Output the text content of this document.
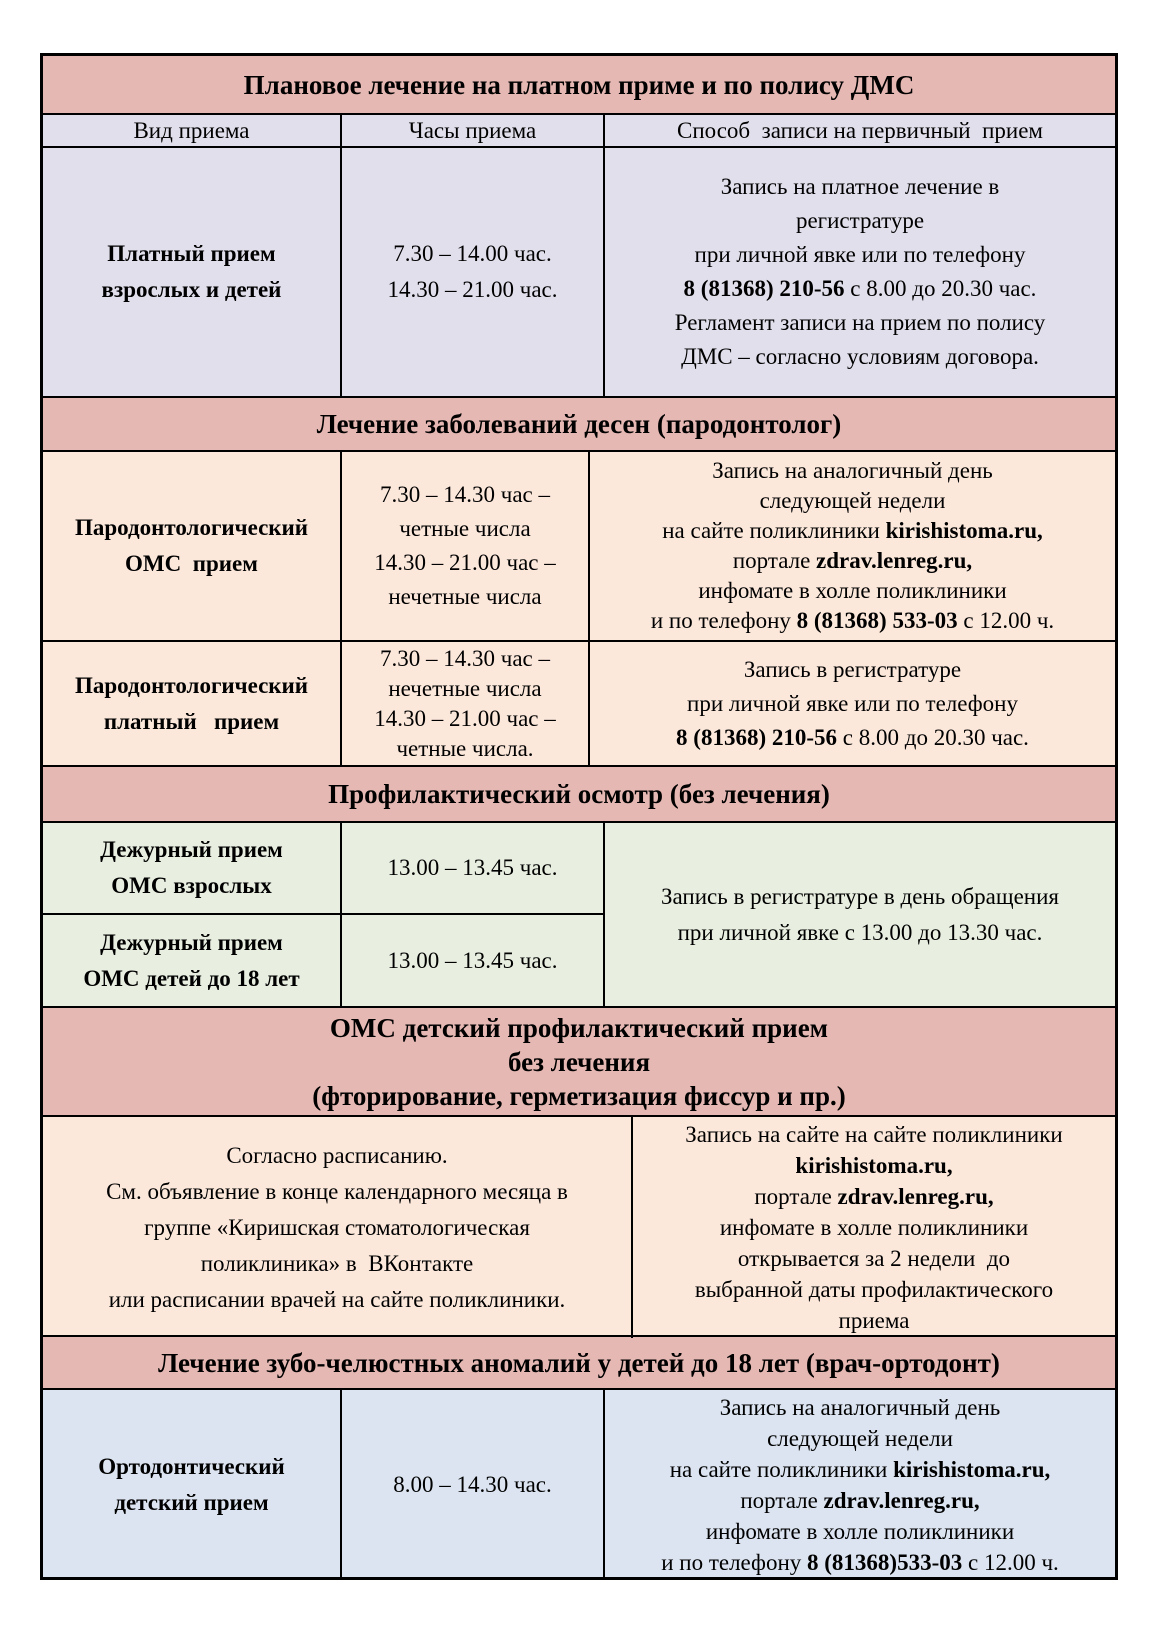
Плановое лечение на платном приме и по полису ДМС
Вид приема	Часы приема	Способ  записи на первичный  прием
Платный прием
взрослых и детей
7.30 – 14.00 час.
14.30 – 21.00 час.
Запись на платное лечение в
регистратуре
при личной явке или по телефону
8 (81368) 210-56 с 8.00 до 20.30 час.
Регламент записи на прием по полису
ДМС – согласно условиям договора.
Лечение заболеваний десен (пародонтолог)
Пародонтологический
ОМС  прием
7.30 – 14.30 час –
четные числа
14.30 – 21.00 час –
нечетные числа
Запись на аналогичный день
следующей недели
на сайте поликлиники kirishistoma.ru,
портале zdrav.lenreg.ru,
инфомате в холле поликлиники
и по телефону 8 (81368) 533-03 с 12.00 ч.
Пародонтологический
платный   прием
7.30 – 14.30 час –
нечетные числа
14.30 – 21.00 час –
четные числа.
Запись в регистратуре
при личной явке или по телефону
8 (81368) 210-56 с 8.00 до 20.30 час.
Профилактический осмотр (без лечения)
Дежурный прием
ОМС взрослых
13.00 – 13.45 час.
Запись в регистратуре в день обращения
при личной явке с 13.00 до 13.30 час.
Дежурный прием
ОМС детей до 18 лет
13.00 – 13.45 час.
ОМС детский профилактический прием
без лечения
(фторирование, герметизация фиссур и пр.)
Согласно расписанию.
См. объявление в конце календарного месяца в
группе «Киришская стоматологическая
поликлиника» в  ВКонтакте
или расписании врачей на сайте поликлиники.
Запись на сайте на сайте поликлиники
kirishistoma.ru,
портале zdrav.lenreg.ru,
инфомате в холле поликлиники
открывается за 2 недели  до
выбранной даты профилактического
приема
Лечение зубо-челюстных аномалий у детей до 18 лет (врач-ортодонт)
Ортодонтический
детский прием
8.00 – 14.30 час.
Запись на аналогичный день
следующей недели
на сайте поликлиники kirishistoma.ru,
портале zdrav.lenreg.ru,
инфомате в холле поликлиники
и по телефону 8 (81368)533-03 с 12.00 ч.
